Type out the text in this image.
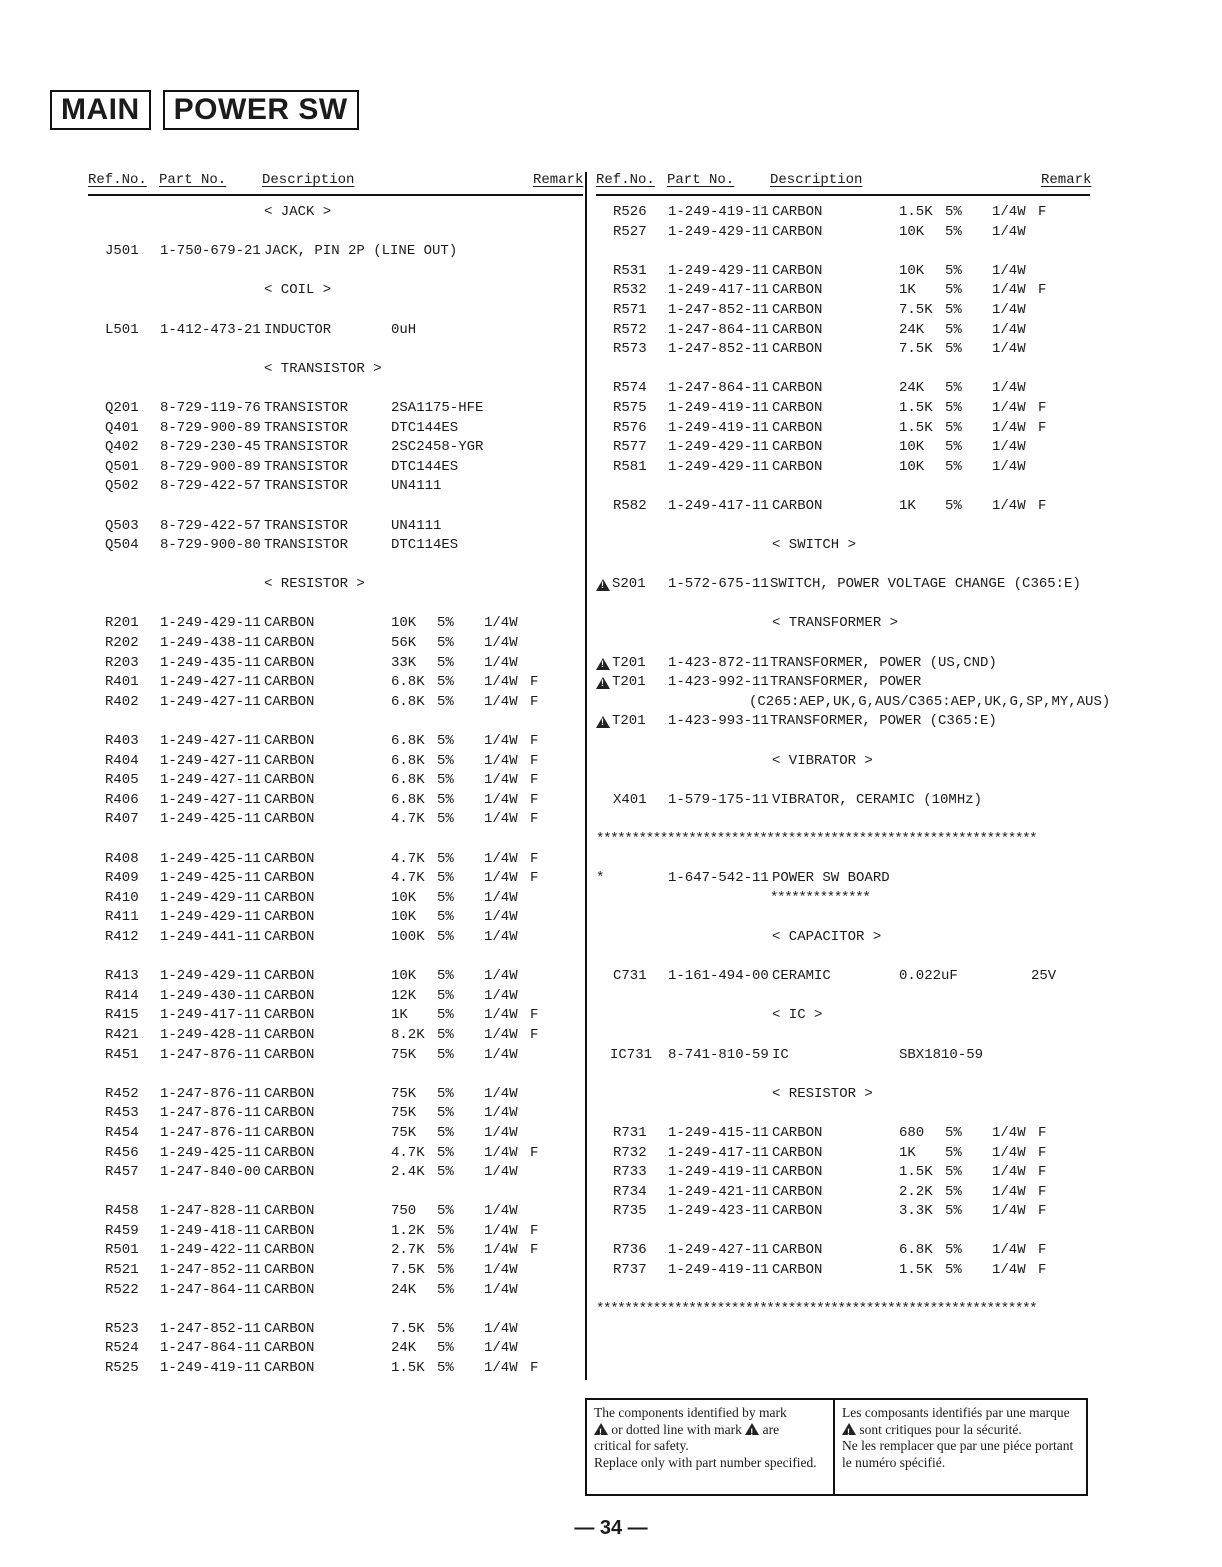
MAIN	POWER SW
Ref.No. Part No.	Description	Remark
< JACK >
J501 1-750-679-21 JACK, PIN 2P (LINE OUT)
< COIL >
L501 1-412-473-21 INDUCTOR	0uH
< TRANSISTOR >
Q201 8-729-119-76 TRANSISTOR	2SA1175-HFE
Q401 8-729-900-89 TRANSISTOR	DTC144ES
Q402 8-729-230-45 TRANSISTOR	2SC2458-YGR
Q501 8-729-900-89 TRANSISTOR	DTC144ES
Q502 8-729-422-57 TRANSISTOR	UN4111
Q503 8-729-422-57 TRANSISTOR	UN4111
Q504 8-729-900-80 TRANSISTOR	DTC114ES
< RESISTOR >
R201 1-249-429-11 CARBON	10K 5% 1/4W
R202 1-249-438-11 CARBON	56K 5% 1/4W
R203 1-249-435-11 CARBON	33K 5% 1/4W
R401 1-249-427-11 CARBON	6.8K 5% 1/4W F
R402 1-249-427-11 CARBON	6.8K 5% 1/4W F
R403 1-249-427-11 CARBON	6.8K 5% 1/4W F
R404 1-249-427-11 CARBON	6.8K 5% 1/4W F
R405 1-249-427-11 CARBON	6.8K 5% 1/4W F
R406 1-249-427-11 CARBON	6.8K 5% 1/4W F
R407 1-249-425-11 CARBON	4.7K 5% 1/4W F
R408 1-249-425-11 CARBON	4.7K 5% 1/4W F
R409 1-249-425-11 CARBON	4.7K 5% 1/4W F
R410 1-249-429-11 CARBON	10K 5% 1/4W
R411 1-249-429-11 CARBON	10K 5% 1/4W
R412 1-249-441-11 CARBON	100K 5% 1/4W
R413 1-249-429-11 CARBON	10K 5% 1/4W
R414 1-249-430-11 CARBON	12K 5% 1/4W
R415 1-249-417-11 CARBON	1K 5% 1/4W F
R421 1-249-428-11 CARBON	8.2K 5% 1/4W F
R451 1-247-876-11 CARBON	75K 5% 1/4W
R452 1-247-876-11 CARBON	75K 5% 1/4W
R453 1-247-876-11 CARBON	75K 5% 1/4W
R454 1-247-876-11 CARBON	75K 5% 1/4W
R456 1-249-425-11 CARBON	4.7K 5% 1/4W F
R457 1-247-840-00 CARBON	2.4K 5% 1/4W
R458 1-247-828-11 CARBON	750 5% 1/4W
R459 1-249-418-11 CARBON	1.2K 5% 1/4W F
R501 1-249-422-11 CARBON	2.7K 5% 1/4W F
R521 1-247-852-11 CARBON	7.5K 5% 1/4W
R522 1-247-864-11 CARBON	24K 5% 1/4W
R523 1-247-852-11 CARBON	7.5K 5% 1/4W
R524 1-247-864-11 CARBON	24K 5% 1/4W
R525 1-249-419-11 CARBON	1.5K 5% 1/4W F
Ref.No. Part No.	Description	Remark
R526 1-249-419-11 CARBON	1.5K 5% 1/4W F
R527 1-249-429-11 CARBON	10K 5% 1/4W
R531 1-249-429-11 CARBON	10K 5% 1/4W
R532 1-249-417-11 CARBON	1K 5% 1/4W F
R571 1-247-852-11 CARBON	7.5K 5% 1/4W
R572 1-247-864-11 CARBON	24K 5% 1/4W
R573 1-247-852-11 CARBON	7.5K 5% 1/4W
R574 1-247-864-11 CARBON	24K 5% 1/4W
R575 1-249-419-11 CARBON	1.5K 5% 1/4W F
R576 1-249-419-11 CARBON	1.5K 5% 1/4W F
R577 1-249-429-11 CARBON	10K 5% 1/4W
R581 1-249-429-11 CARBON	10K 5% 1/4W
R582 1-249-417-11 CARBON	1K 5% 1/4W F
< SWITCH >
!
S201 1-572-675-11 SWITCH, POWER VOLTAGE CHANGE (C365:E)
< TRANSFORMER >
!
T201 1-423-872-11 TRANSFORMER, POWER (US,CND)
!
T201 1-423-992-11 TRANSFORMER, POWER
(C265:AEP,UK,G,AUS/C365:AEP,UK,G,SP,MY,AUS)
!
T201 1-423-993-11 TRANSFORMER, POWER (C365:E)
< VIBRATOR >
X401 1-579-175-11 VIBRATOR, CERAMIC (10MHz)
**************************************************************
*	1-647-542-11 POWER SW BOARD
**************
< CAPACITOR >
C731 1-161-494-00 CERAMIC	0.022uF	25V
< IC >
IC731 8-741-810-59 IC	SBX1810-59
< RESISTOR >
R731 1-249-415-11 CARBON	680 5% 1/4W F
R732 1-249-417-11 CARBON	1K 5% 1/4W F
R733 1-249-419-11 CARBON	1.5K 5% 1/4W F
R734 1-249-421-11 CARBON	2.2K 5% 1/4W F
R735 1-249-423-11 CARBON	3.3K 5% 1/4W F
R736 1-249-427-11 CARBON	6.8K 5% 1/4W F
R737 1-249-419-11 CARBON	1.5K 5% 1/4W F
**************************************************************
The components identified by mark
! or dotted line with mark ! are
critical for safety.
Replace only with part number specified.
Les composants identifiés par une marque ! sont critiques pour la sécurité.
Ne les remplacer que par une piéce portant le numéro spécifié.
— 34 —
